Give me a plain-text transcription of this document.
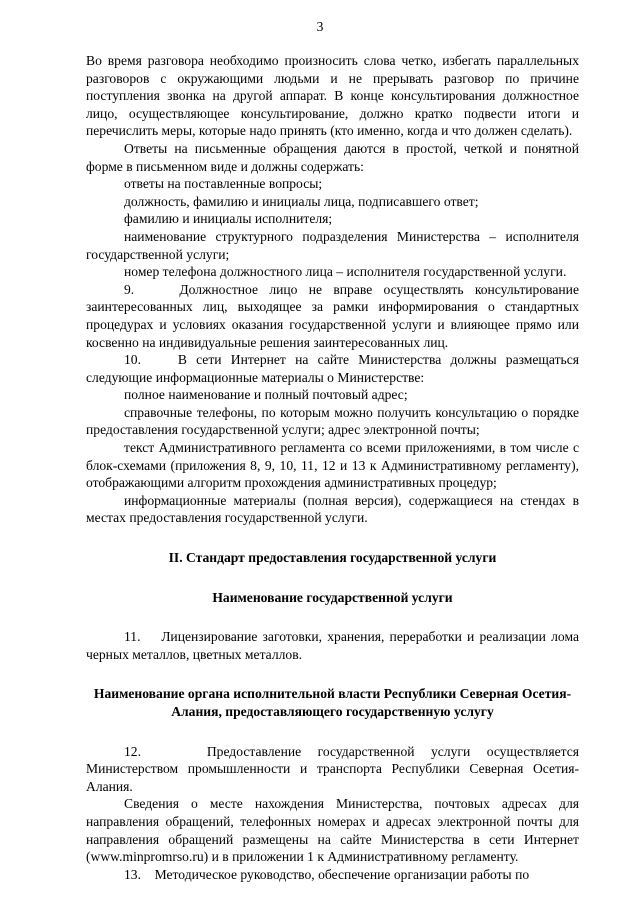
3

Во время разговора необходимо произносить слова четко, избегать параллельных разговоров с окружающими людьми и не прерывать разговор по причине поступления звонка на другой аппарат. В конце консультирования должностное лицо, осуществляющее консультирование, должно кратко подвести итоги и перечислить меры, которые надо принять (кто именно, когда и что должен сделать).

Ответы на письменные обращения даются в простой, четкой и понятной форме в письменном виде и должны содержать:

ответы на поставленные вопросы;

должность, фамилию и инициалы лица, подписавшего ответ;

фамилию и инициалы исполнителя;

наименование структурного подразделения Министерства – исполнителя государственной услуги;

номер телефона должностного лица – исполнителя государственной услуги.

9.    Должностное лицо не вправе осуществлять консультирование заинтересованных лиц, выходящее за рамки информирования о стандартных процедурах и условиях оказания государственной услуги и влияющее прямо или косвенно на индивидуальные решения заинтересованных лиц.

10.    В сети Интернет на сайте Министерства должны размещаться следующие информационные материалы о Министерстве:

полное наименование и полный почтовый адрес;

справочные телефоны, по которым можно получить консультацию о порядке предоставления государственной услуги; адрес электронной почты;

текст Административного регламента со всеми приложениями, в том числе с блок-схемами (приложения 8, 9, 10, 11, 12 и 13 к Административному регламенту), отображающими алгоритм прохождения административных процедур;

информационные материалы (полная версия), содержащиеся на стендах в местах предоставления государственной услуги.

II. Стандарт предоставления государственной услуги

Наименование государственной услуги

11.    Лицензирование заготовки, хранения, переработки и реализации лома черных металлов, цветных металлов.

Наименование органа исполнительной власти Республики Северная Осетия-Алания, предоставляющего государственную услугу

12.    Предоставление государственной услуги осуществляется Министерством промышленности и транспорта Республики Северная Осетия-Алания.

Сведения о месте нахождения Министерства, почтовых адресах для направления обращений, телефонных номерах и адресах электронной почты для направления обращений размещены на сайте Министерства в сети Интернет (www.minpromrso.ru) и в приложении 1 к Административному регламенту.

13.    Методическое руководство, обеспечение организации работы по
